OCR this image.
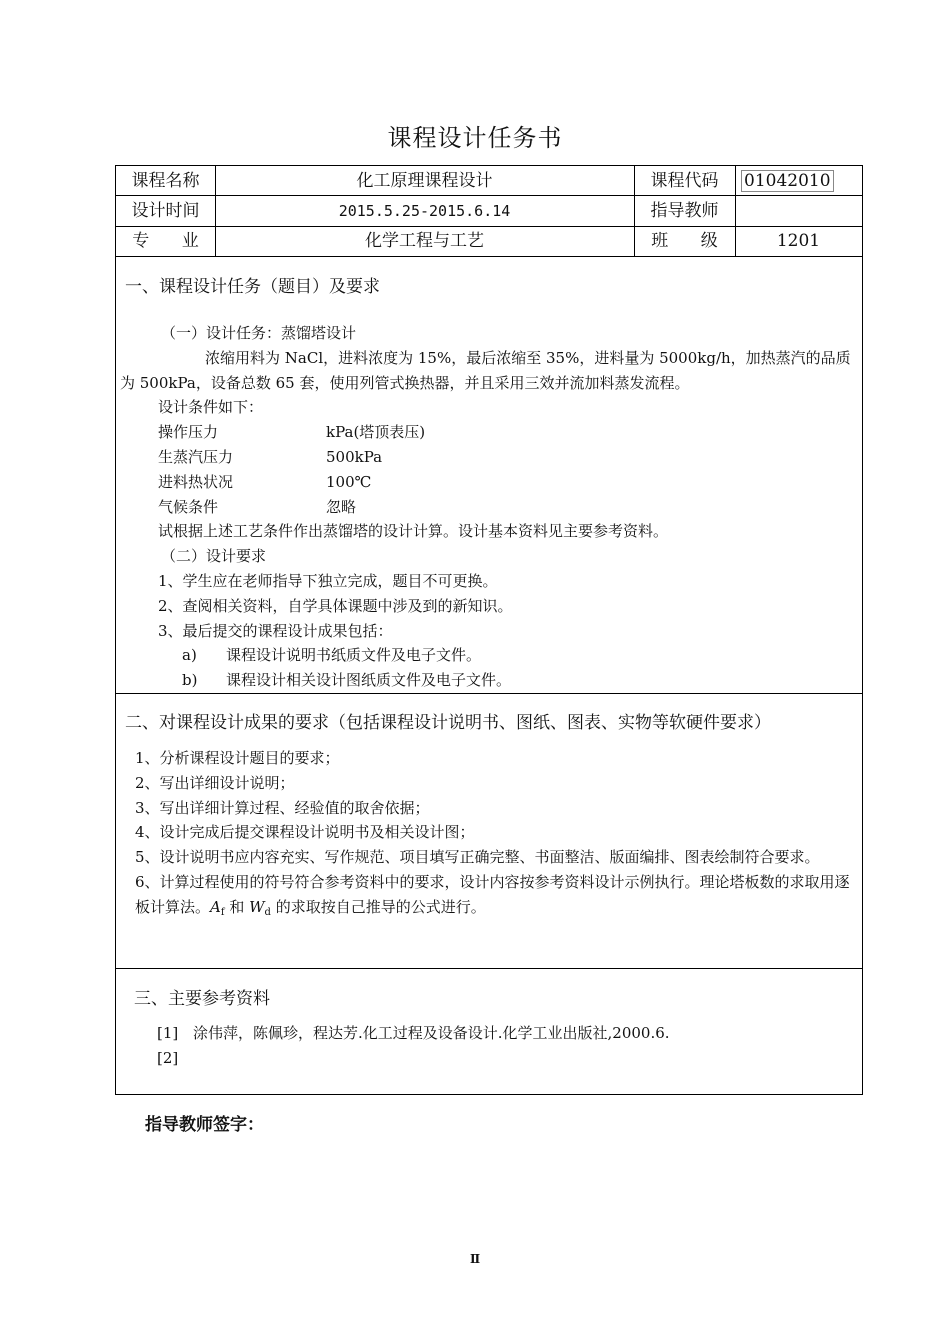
课程设计任务书
课程名称	化工原理课程设计	课程代码	01042010
设计时间	2015.5.25-2015.6.14	指导教师
专      业	化学工程与工艺	班      级	1201
一、课程设计任务（题目）及要求
（一）设计任务：蒸馏塔设计
浓缩用料为 NaCl，进料浓度为 15%，最后浓缩至 35%，进料量为 5000kg/h，加热蒸汽的品质为 500kPa，设备总数 65 套，使用列管式换热器，并且采用三效并流加料蒸发流程。
设计条件如下：
操作压力	kPa(塔顶表压)
生蒸汽压力	500kPa
进料热状况	100℃
气候条件	忽略
试根据上述工艺条件作出蒸馏塔的设计计算。设计基本资料见主要参考资料。
（二）设计要求
1、学生应在老师指导下独立完成，题目不可更换。
2、查阅相关资料，自学具体课题中涉及到的新知识。
3、最后提交的课程设计成果包括：
a)	课程设计说明书纸质文件及电子文件。
b)	课程设计相关设计图纸质文件及电子文件。
二、对课程设计成果的要求（包括课程设计说明书、图纸、图表、实物等软硬件要求）
1、分析课程设计题目的要求；
2、写出详细设计说明；
3、写出详细计算过程、经验值的取舍依据；
4、设计完成后提交课程设计说明书及相关设计图；
5、设计说明书应内容充实、写作规范、项目填写正确完整、书面整洁、版面编排、图表绘制符合要求。
6、计算过程使用的符号符合参考资料中的要求，设计内容按参考资料设计示例执行。理论塔板数的求取用逐板计算法。$A_f$ 和 $W_d$ 的求取按自己推导的公式进行。
三、主要参考资料
[1] 涂伟萍，陈佩珍，程达芳.化工过程及设备设计.化学工业出版社,2000.6.
[2]
指导教师签字：
Ⅱ
